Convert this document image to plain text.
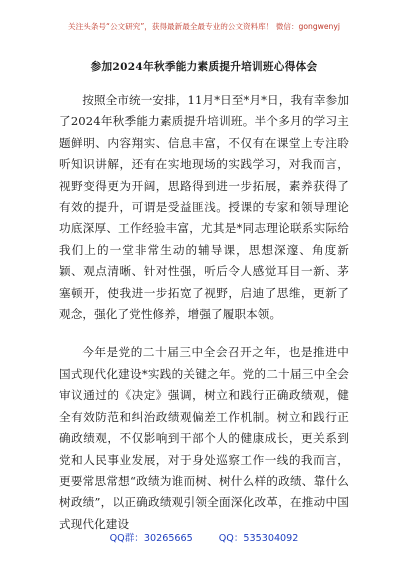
关注头条号“公文研究”，获得最新最全最专业的公文资料库！ 微信：gongwenyj
参加2024年秋季能力素质提升培训班心得体会

按照全市统一安排，11月*日至*月*日，我有幸参加了2024年秋季能力素质提升培训班。半个多月的学习主题鲜明、内容翔实、信息丰富，不仅有在课堂上专注聆听知识讲解，还有在实地现场的实践学习，对我而言，视野变得更为开阔，思路得到进一步拓展，素养获得了有效的提升，可谓是受益匪浅。授课的专家和领导理论功底深厚、工作经验丰富，尤其是*同志理论联系实际给我们上的一堂非常生动的辅导课，思想深邃、角度新颖、观点清晰、针对性强，听后令人感觉耳目一新、茅塞顿开，使我进一步拓宽了视野，启迪了思维，更新了观念，强化了党性修养，增强了履职本领。

今年是党的二十届三中全会召开之年，也是推进中国式现代化建设*实践的关键之年。党的二十届三中全会审议通过的《决定》强调，树立和践行正确政绩观，健全有效防范和纠治政绩观偏差工作机制。树立和践行正确政绩观，不仅影响到干部个人的健康成长，更关系到党和人民事业发展，对于身处巡察工作一线的我而言，更要常思常想“政绩为谁而树、树什么样的政绩、靠什么树政绩”，以正确政绩观引领全面深化改革，在推动中国式现代化建设

QQ群：30265665	QQ：535304092
